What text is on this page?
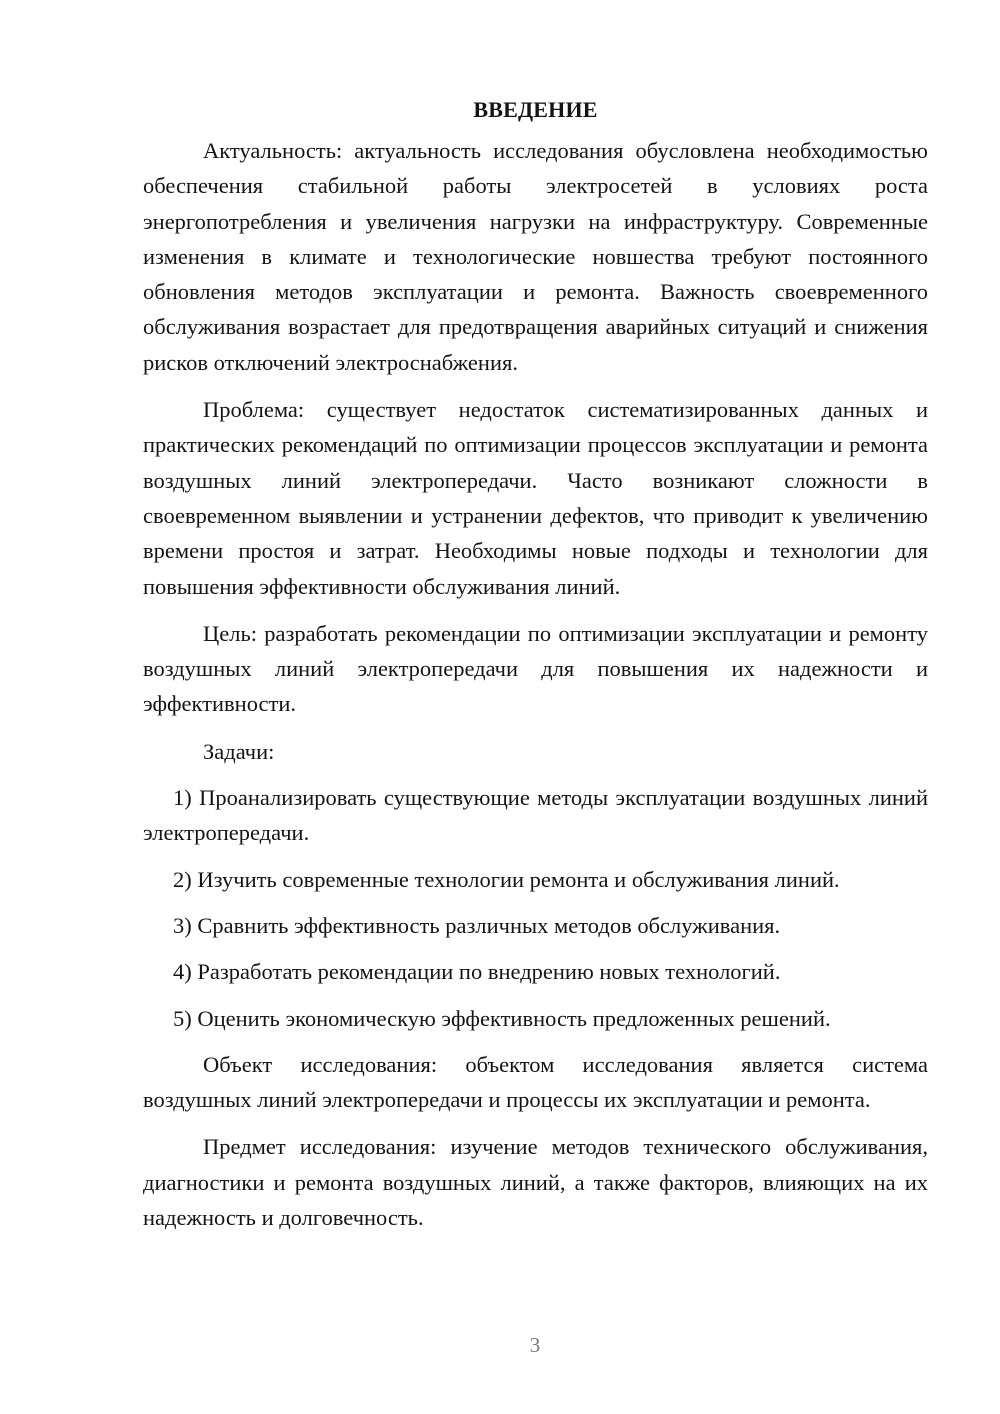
ВВЕДЕНИЕ

Актуальность: актуальность исследования обусловлена необходимостью обеспечения стабильной работы электросетей в условиях роста энергопотребления и увеличения нагрузки на инфраструктуру. Современные изменения в климате и технологические новшества требуют постоянного обновления методов эксплуатации и ремонта. Важность своевременного обслуживания возрастает для предотвращения аварийных ситуаций и снижения рисков отключений электроснабжения.

Проблема: существует недостаток систематизированных данных и практических рекомендаций по оптимизации процессов эксплуатации и ремонта воздушных линий электропередачи. Часто возникают сложности в своевременном выявлении и устранении дефектов, что приводит к увеличению времени простоя и затрат. Необходимы новые подходы и технологии для повышения эффективности обслуживания линий.

Цель: разработать рекомендации по оптимизации эксплуатации и ремонту воздушных линий электропередачи для повышения их надежности и эффективности.

Задачи:

1) Проанализировать существующие методы эксплуатации воздушных линий электропередачи.

2) Изучить современные технологии ремонта и обслуживания линий.

3) Сравнить эффективность различных методов обслуживания.

4) Разработать рекомендации по внедрению новых технологий.

5) Оценить экономическую эффективность предложенных решений.

Объект исследования: объектом исследования является система воздушных линий электропередачи и процессы их эксплуатации и ремонта.

Предмет исследования: изучение методов технического обслуживания, диагностики и ремонта воздушных линий, а также факторов, влияющих на их надежность и долговечность.

3
